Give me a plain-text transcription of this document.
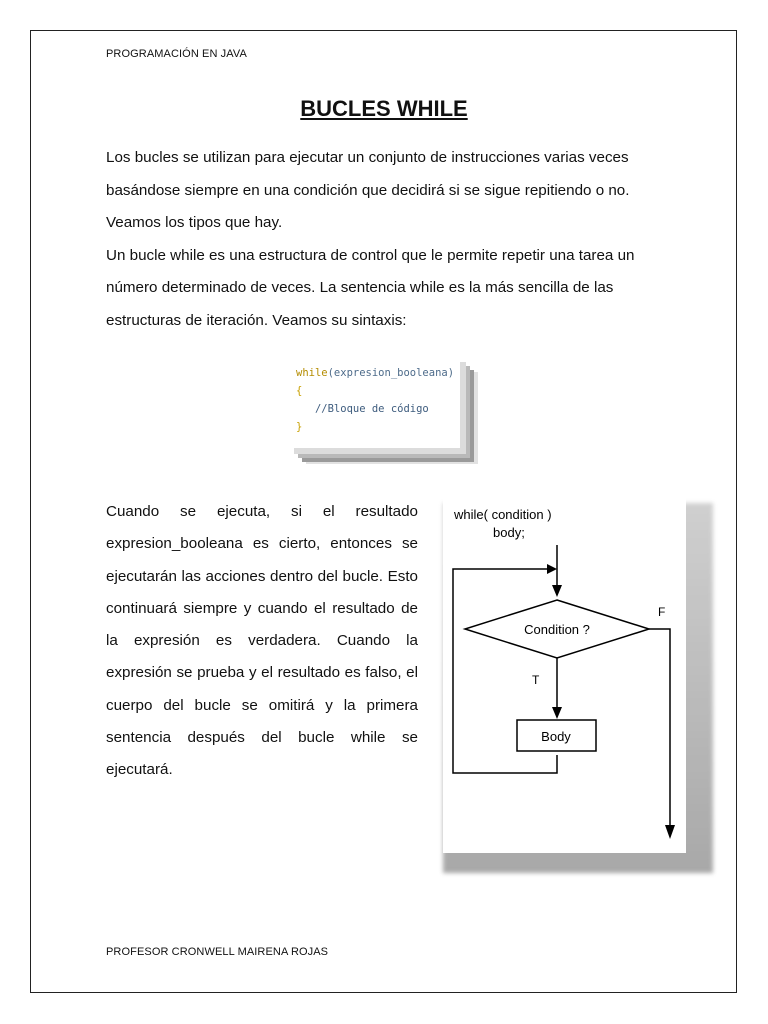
PROGRAMACIÓN EN JAVA
BUCLES WHILE

Los bucles se utilizan para ejecutar un conjunto de instrucciones varias veces basándose siempre en una condición que decidirá si se sigue repitiendo o no. Veamos los tipos que hay.

Un bucle while es una estructura de control que le permite repetir una tarea un número determinado de veces. La sentencia while es la más sencilla de las estructuras de iteración. Veamos su sintaxis:

while(expresion_booleana)
{
//Bloque de código
}

Cuando se ejecuta, si el resultado expresion_booleana es cierto, entonces se ejecutarán las acciones dentro del bucle. Esto continuará siempre y cuando el resultado de la expresión es verdadera. Cuando la expresión se prueba y el resultado es falso, el cuerpo del bucle se omitirá y la primera sentencia después del bucle while se ejecutará.

while( condition )
body;
Condition ?
T
Body
F
PROFESOR CRONWELL MAIRENA ROJAS
